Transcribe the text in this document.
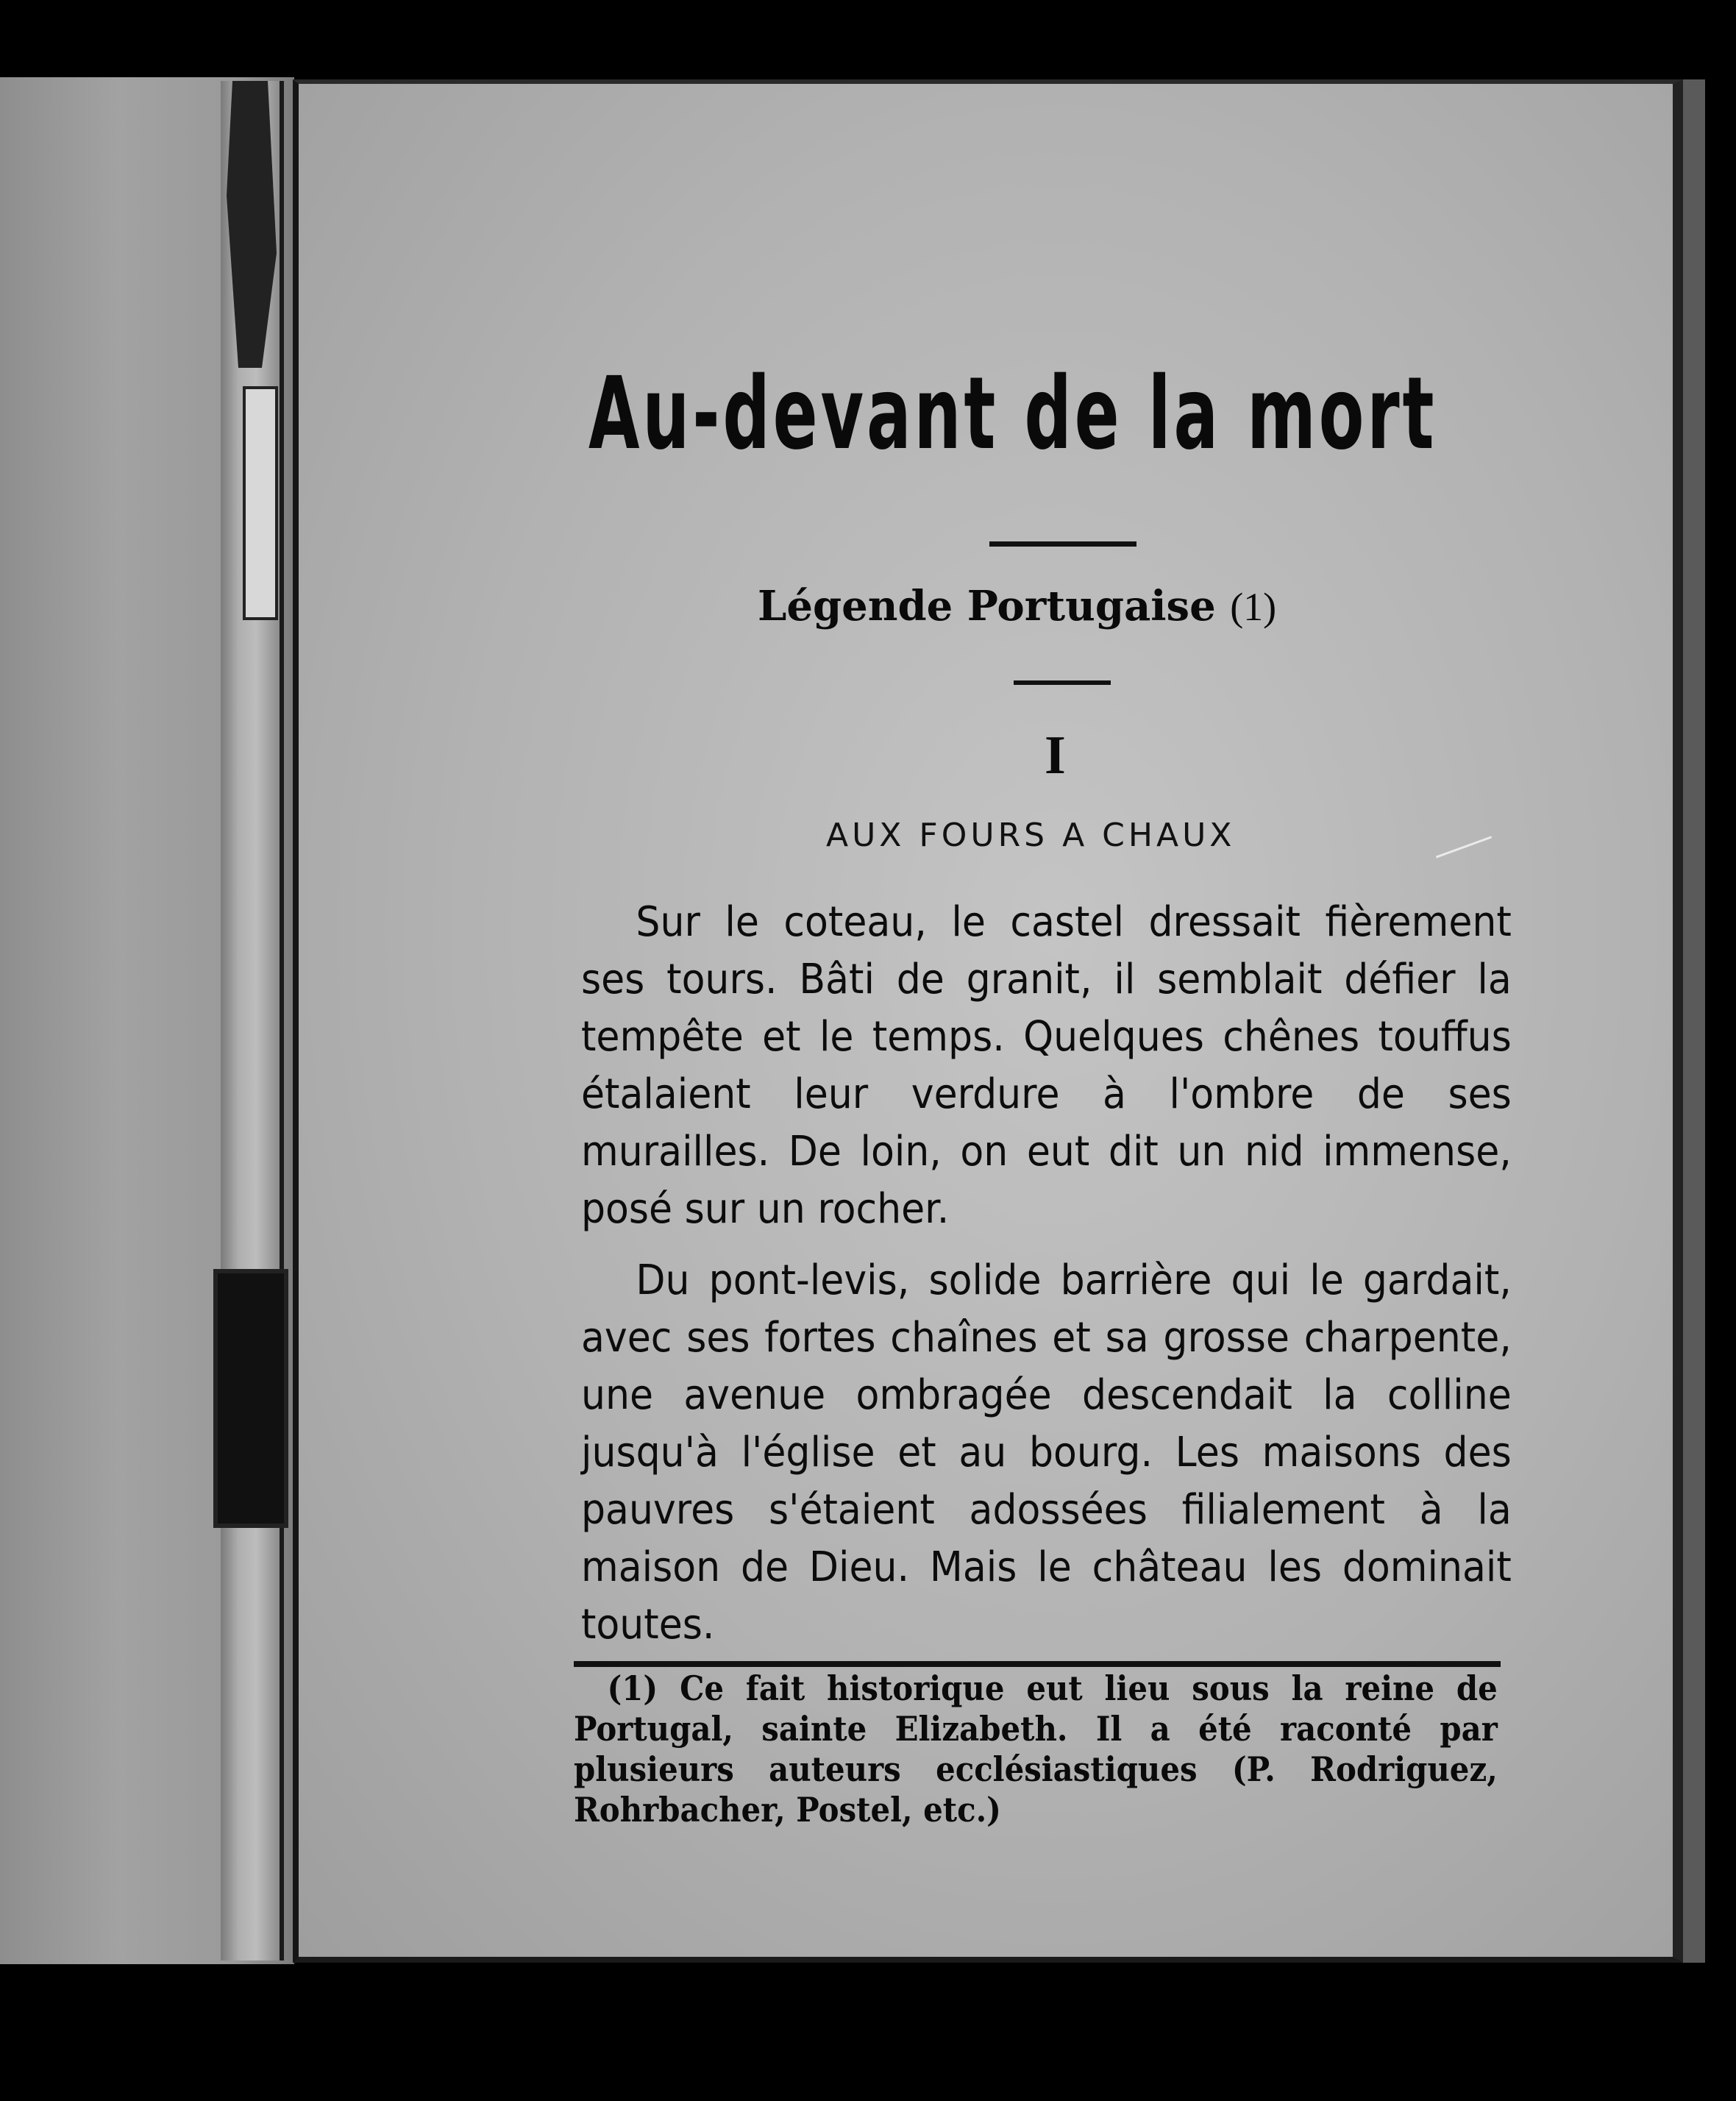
Au-devant de la mort
Légende Portugaise (1)
I
AUX FOURS A CHAUX

Sur le coteau, le castel dressait fièrement ses tours. Bâti de granit, il semblait défier la tempête et le temps. Quelques chênes touffus étalaient leur verdure à l'ombre de ses murailles. De loin, on eut dit un nid immense, posé sur un rocher.

Du pont-levis, solide barrière qui le gardait, avec ses fortes chaînes et sa grosse charpente, une avenue ombragée descendait la colline jusqu'à l'église et au bourg. Les maisons des pauvres s'étaient adossées filialement à la maison de Dieu. Mais le château les dominait toutes.

(1) Ce fait historique eut lieu sous la reine de Portugal, sainte Elizabeth. Il a été raconté par plusieurs auteurs ecclésiastiques (P. Rodriguez, Rohrbacher, Postel, etc.)
